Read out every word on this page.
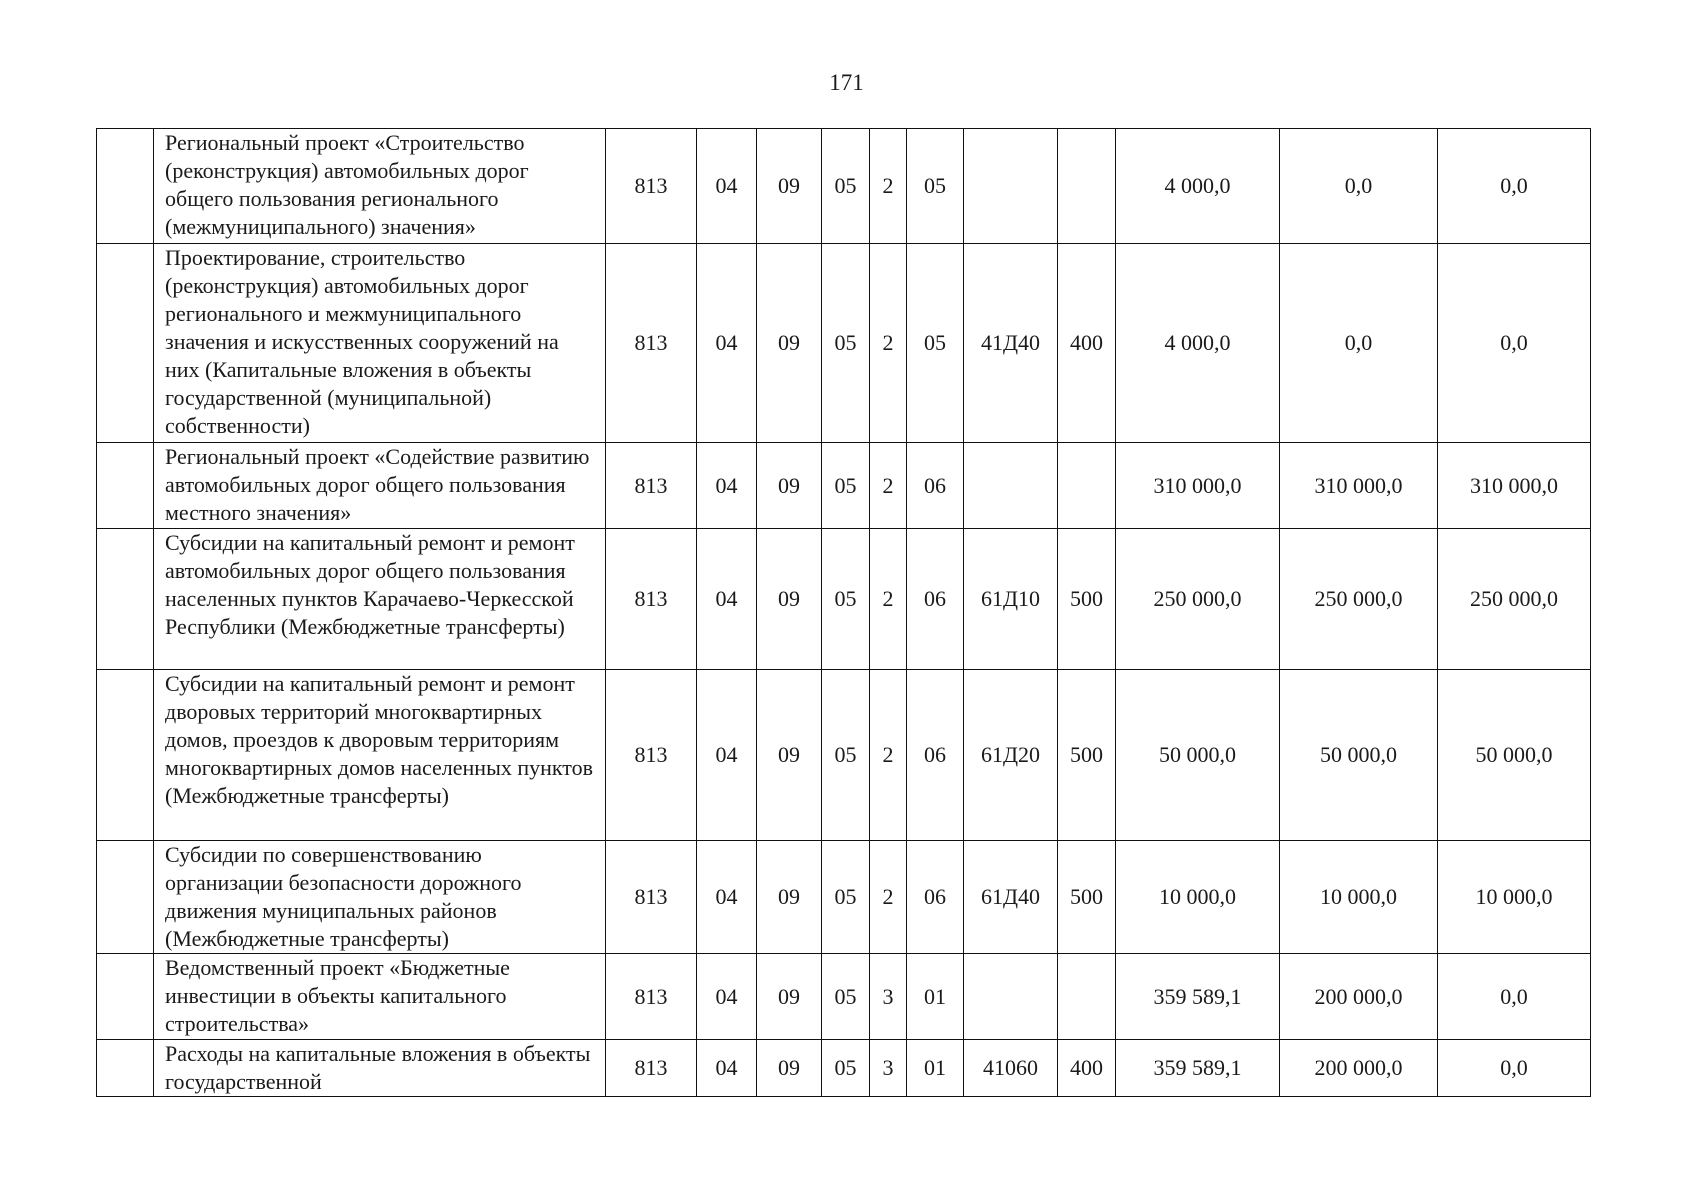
171
	Региональный проект «Строительство (реконструкция) автомобильных дорог общего пользования регионального (межмуниципального) значения»	813	04	09	05	2	05			4 000,0	0,0	0,0
	Проектирование, строительство (реконструкция) автомобильных дорог регионального и межмуниципального значения и искусственных сооружений на них (Капитальные вложения в объекты государственной (муниципальной) собственности)	813	04	09	05	2	05	41Д40	400	4 000,0	0,0	0,0
	Региональный проект «Содействие развитию автомобильных дорог общего пользования местного значения»	813	04	09	05	2	06			310 000,0	310 000,0	310 000,0
	Субсидии на капитальный ремонт и ремонт автомобильных дорог общего пользования населенных пунктов Карачаево-Черкесской Республики (Межбюджетные трансферты)	813	04	09	05	2	06	61Д10	500	250 000,0	250 000,0	250 000,0
	Субсидии на капитальный ремонт и ремонт дворовых территорий многоквартирных домов, проездов к дворовым территориям многоквартирных домов населенных пунктов (Межбюджетные трансферты)	813	04	09	05	2	06	61Д20	500	50 000,0	50 000,0	50 000,0
	Субсидии по совершенствованию организации безопасности дорожного движения муниципальных районов (Межбюджетные трансферты)	813	04	09	05	2	06	61Д40	500	10 000,0	10 000,0	10 000,0
	Ведомственный проект «Бюджетные инвестиции в объекты капитального строительства»	813	04	09	05	3	01			359 589,1	200 000,0	0,0
	Расходы на капитальные вложения в объекты государственной	813	04	09	05	3	01	41060	400	359 589,1	200 000,0	0,0
